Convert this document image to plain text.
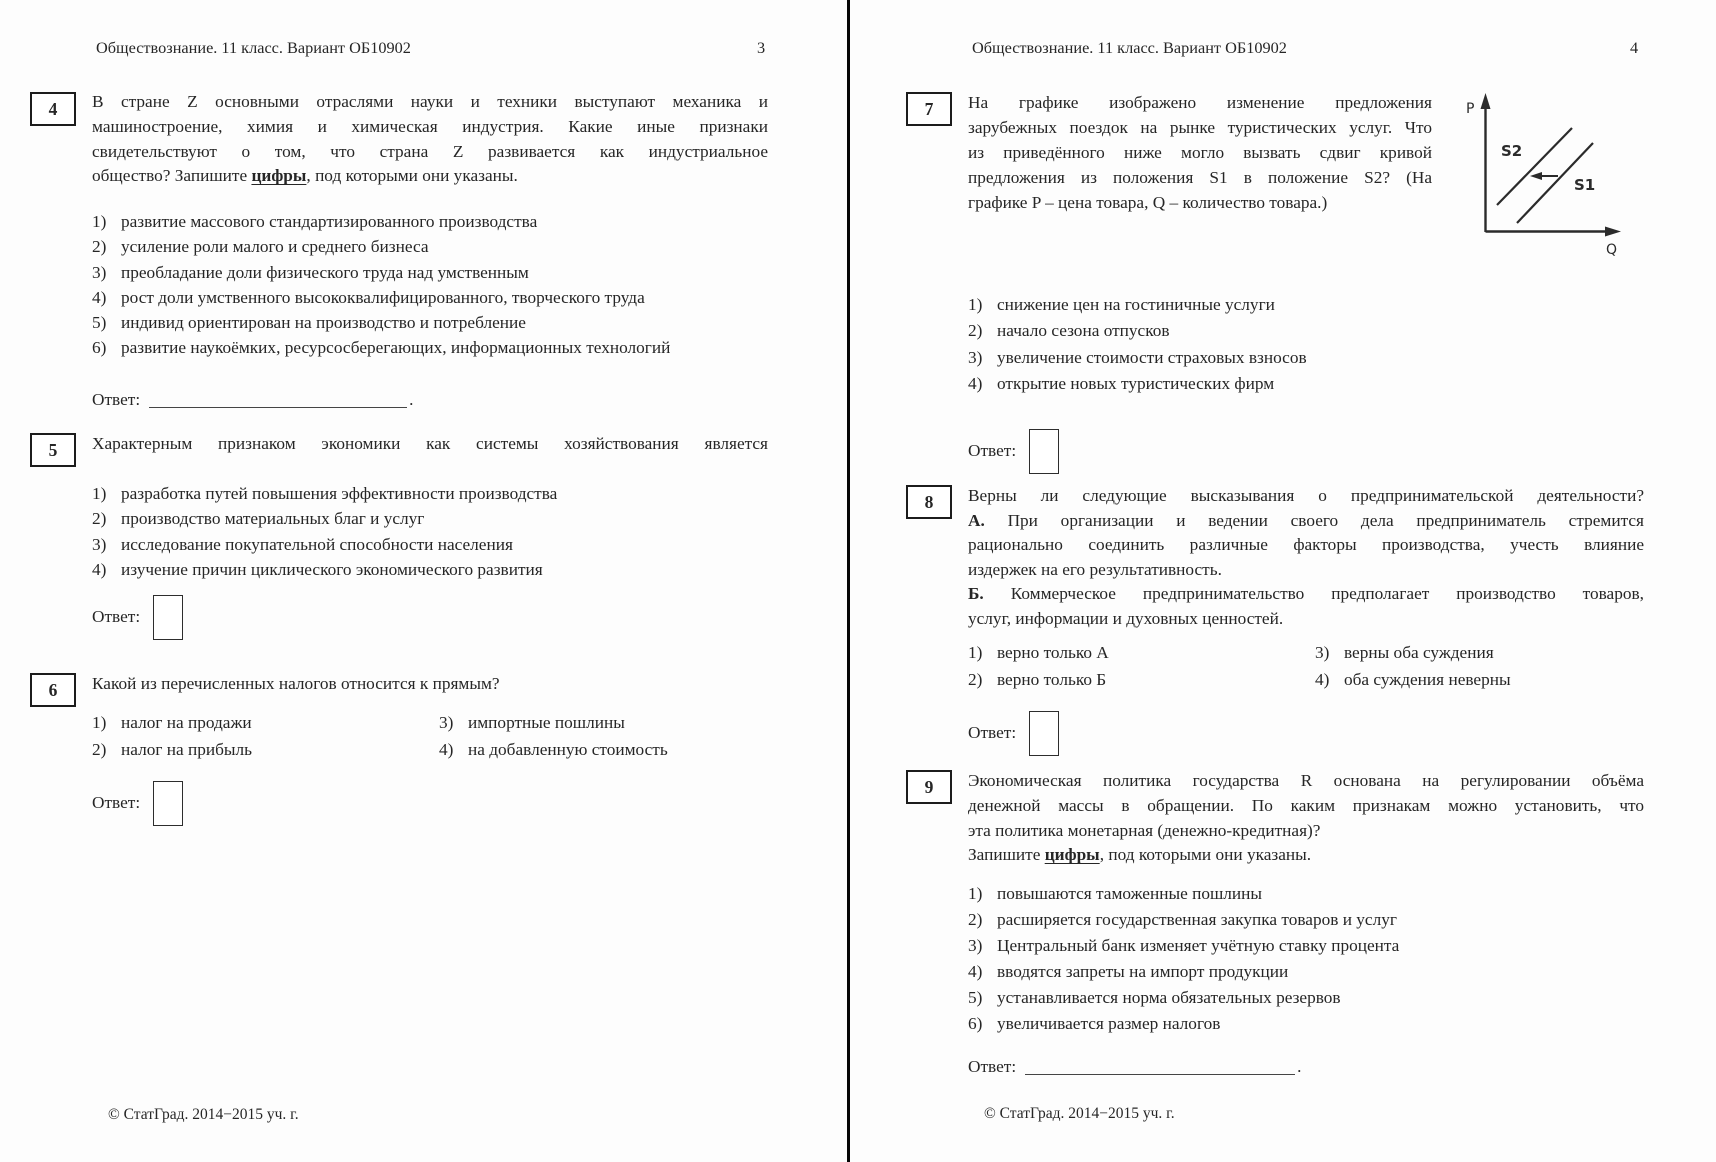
Обществознание. 11 класс. Вариант ОБ10902	3
4	В стране Z основными отраслями науки и техники выступают механика и
машиностроение, химия и химическая индустрия. Какие иные признаки
свидетельствуют о том, что страна Z развивается как индустриальное
общество? Запишите цифры, под которыми они указаны.
1) развитие массового стандартизированного производства
2) усиление роли малого и среднего бизнеса
3) преобладание доли физического труда над умственным
4) рост доли умственного высококвалифицированного, творческого труда
5) индивид ориентирован на производство и потребление
6) развитие наукоёмких, ресурсосберегающих, информационных технологий
Ответ:	.
5	Характерным признаком экономики как системы хозяйствования является
1) разработка путей повышения эффективности производства
2) производство материальных благ и услуг
3) исследование покупательной способности населения
4) изучение причин циклического экономического развития
Ответ:
6	Какой из перечисленных налогов относится к прямым?
1) налог на продажи	3) импортные пошлины
2) налог на прибыль	4) на добавленную стоимость
Ответ:
© СтатГрад. 2014−2015 уч. г.
Обществознание. 11 класс. Вариант ОБ10902	4
7	На графике изображено изменение предложения
зарубежных поездок на рынке туристических услуг. Что
из приведённого ниже могло вызвать сдвиг кривой
предложения из положения S1 в положение S2? (На
графике P – цена товара, Q – количество товара.)
P
Q
S2
S1
1) снижение цен на гостиничные услуги
2) начало сезона отпусков
3) увеличение стоимости страховых взносов
4) открытие новых туристических фирм
Ответ:
8	Верны ли следующие высказывания о предпринимательской деятельности?
А. При организации и ведении своего дела предприниматель стремится
рационально соединить различные факторы производства, учесть влияние
издержек на его результативность.
Б. Коммерческое предпринимательство предполагает производство товаров,
услуг, информации и духовных ценностей.
1) верно только А	3) верны оба суждения
2) верно только Б	4) оба суждения неверны
Ответ:
9	Экономическая политика государства R основана на регулировании объёма
денежной массы в обращении. По каким признакам можно установить, что
эта политика монетарная (денежно-кредитная)?
Запишите цифры, под которыми они указаны.
1) повышаются таможенные пошлины
2) расширяется государственная закупка товаров и услуг
3) Центральный банк изменяет учётную ставку процента
4) вводятся запреты на импорт продукции
5) устанавливается норма обязательных резервов
6) увеличивается размер налогов
Ответ:	.
© СтатГрад. 2014−2015 уч. г.
